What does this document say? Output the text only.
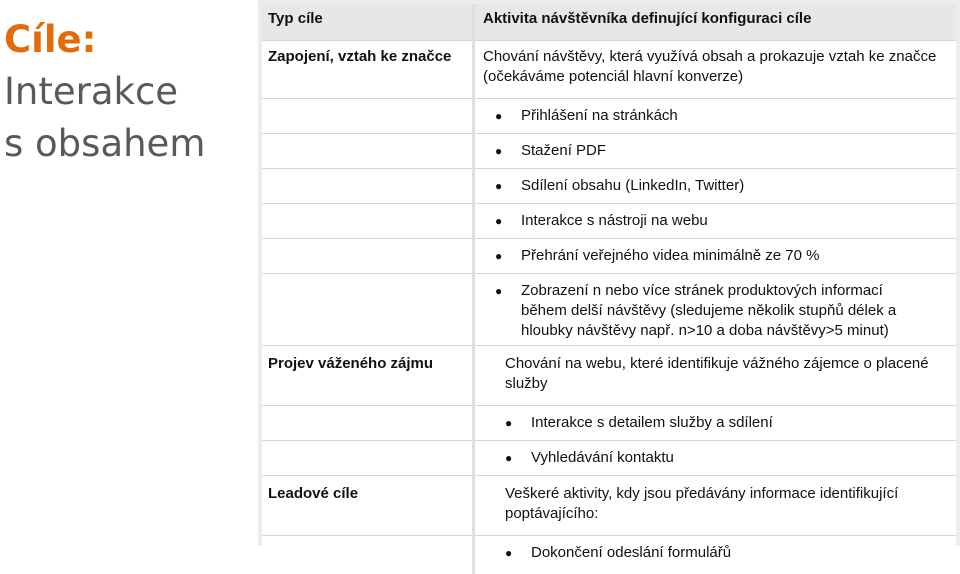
Cíle:
Interakce
s obsahem
Typ cíle	Aktivita návštěvníka definující konfiguraci cíle
Zapojení, vztah ke značce	Chování návštěvy, která využívá obsah a prokazuje vztah ke značce (očekáváme potenciál hlavní konverze)
	● Přihlášení na stránkách
	● Stažení PDF
	● Sdílení obsahu (LinkedIn, Twitter)
	● Interakce s nástroji na webu
	● Přehrání veřejného videa minimálně ze 70 %
	● Zobrazení n nebo více stránek produktových informací během delší návštěvy (sledujeme několik stupňů délek a hloubky návštěvy např. n>10 a doba návštěvy>5 minut)
Projev váženého zájmu	Chování na webu, které identifikuje vážného zájemce o placené služby
	● Interakce s detailem služby a sdílení
	● Vyhledávání kontaktu
Leadové cíle	Veškeré aktivity, kdy jsou předávány informace identifikující poptávajícího:
	● Dokončení odeslání formulářů
